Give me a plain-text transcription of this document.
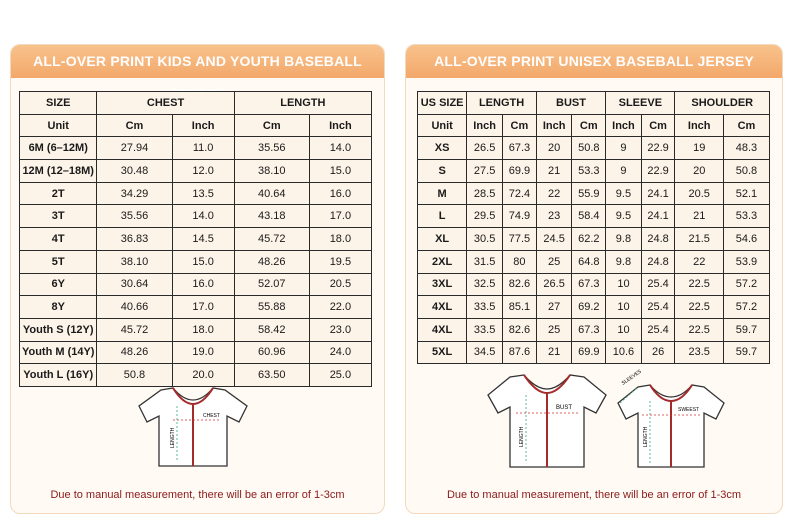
ALL-OVER PRINT KIDS AND YOUTH BASEBALL
SIZE	CHEST		LENGTH	
Unit	Cm	Inch	Cm	Inch
6M (6–12M)	27.94	11.0	35.56	14.0
12M (12–18M)	30.48	12.0	38.10	15.0
2T	34.29	13.5	40.64	16.0
3T	35.56	14.0	43.18	17.0
4T	36.83	14.5	45.72	18.0
5T	38.10	15.0	48.26	19.5
6Y	30.64	16.0	52.07	20.5
8Y	40.66	17.0	55.88	22.0
Youth S (12Y)	45.72	18.0	58.42	23.0
Youth M (14Y)	48.26	19.0	60.96	24.0
Youth L (16Y)	50.8	20.0	63.50	25.0
CHEST
LENGTH
Due to manual measurement, there will be an error of 1-3cm
ALL-OVER PRINT UNISEX BASEBALL JERSEY
US SIZE	LENGTH		BUST		SLEEVE		SHOULDER	
Unit	Inch	Cm	Inch	Cm	Inch	Cm	Inch	Cm
XS	26.5	67.3	20	50.8	9	22.9	19	48.3
S	27.5	69.9	21	53.3	9	22.9	20	50.8
M	28.5	72.4	22	55.9	9.5	24.1	20.5	52.1
L	29.5	74.9	23	58.4	9.5	24.1	21	53.3
XL	30.5	77.5	24.5	62.2	9.8	24.8	21.5	54.6
2XL	31.5	80	25	64.8	9.8	24.8	22	53.9
3XL	32.5	82.6	26.5	67.3	10	25.4	22.5	57.2
4XL	33.5	85.1	27	69.2	10	25.4	22.5	57.2
4XL	33.5	82.6	25	67.3	10	25.4	22.5	59.7
5XL	34.5	87.6	21	69.9	10.6	26	23.5	59.7
BUST
LENGTH
SLEEVES
SWEEST
LENGTH
Due to manual measurement, there will be an error of 1-3cm
